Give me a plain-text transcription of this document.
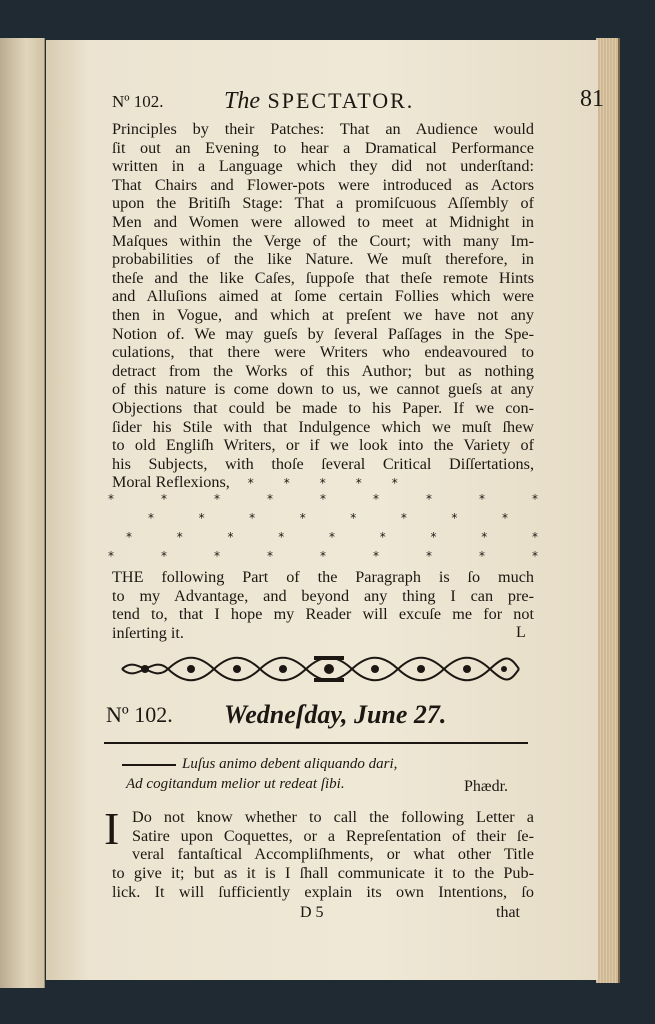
Nº 102.	The SPECTATOR.	81
Principles by their Patches: That an Audience would
ſit out an Evening to hear a Dramatical Performance
written in a Language which they did not underſtand:
That Chairs and Flower-pots were introduced as Actors
upon the Britiſh Stage: That a promiſcuous Aſſembly of
Men and Women were allowed to meet at Midnight in
Maſques within the Verge of the Court; with many Im-
probabilities of the like Nature. We muſt therefore, in
theſe and the like Caſes, ſuppoſe that theſe remote Hints
and Alluſions aimed at ſome certain Follies which were
then in Vogue, and which at preſent we have not any
Notion of. We may gueſs by ſeveral Paſſages in the Spe-
culations, that there were Writers who endeavoured to
detract from the Works of this Author; but as nothing
of this nature is come down to us, we cannot gueſs at any
Objections that could be made to his Paper. If we con-
ſider his Stile with that Indulgence which we muſt ſhew
to old Engliſh Writers, or if we look into the Variety of
his Subjects, with thoſe ſeveral Critical Diſſertations,
Moral Reflexions, *****
*	*	*	*	*	*	*	*	*
*	*	*	*	*	*	*	*
*	*	*	*	*	*	*	*	*
*	*	*	*	*	*	*	*	*
THE following Part of the Paragraph is ſo much
to my Advantage, and beyond any thing I can pre-
tend to, that I hope my Reader will excuſe me for not
inſerting it.	L
Nº 102. Wedneſday, June 27.
Luſus animo debent aliquando dari,
Ad cogitandum melior ut redeat ſibi.	Phædr.
I Do not know whether to call the following Letter a
Satire upon Coquettes, or a Repreſentation of their ſe-
veral fantaſtical Accompliſhments, or what other Title
to give it; but as it is I ſhall communicate it to the Pub-
lick. It will ſufficiently explain its own Intentions, ſo
D 5	that
